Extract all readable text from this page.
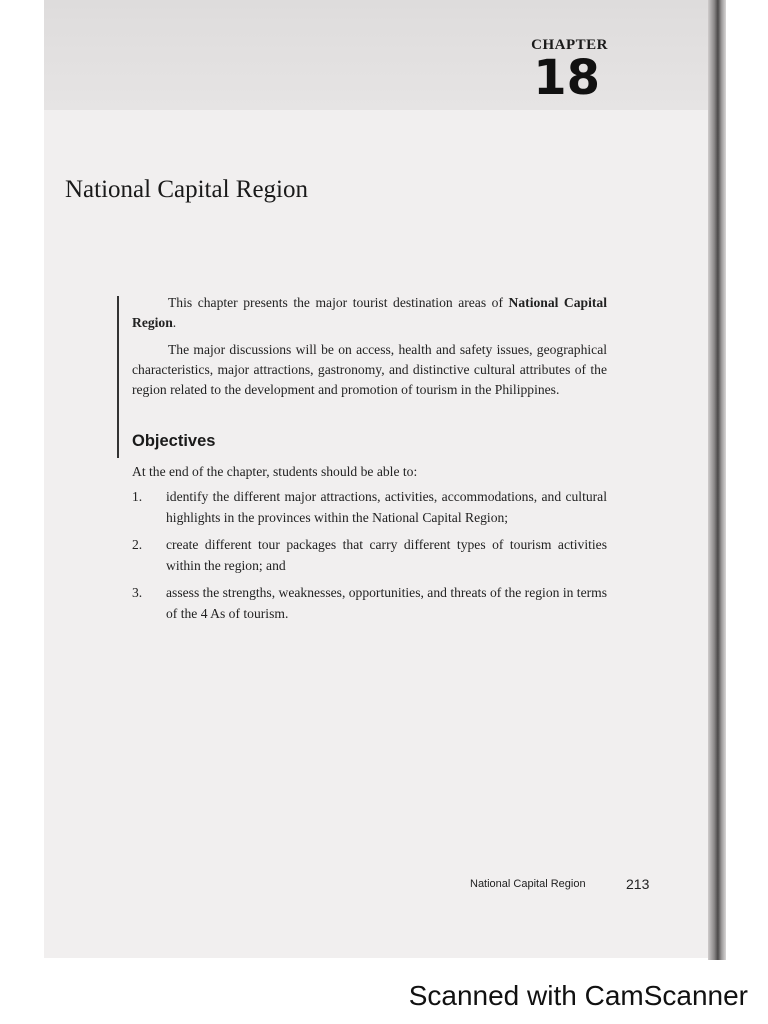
CHAPTER
18
National Capital Region
This chapter presents the major tourist destination areas of National Capital Region.
The major discussions will be on access, health and safety issues, geographical characteristics, major attractions, gastronomy, and distinctive cultural attributes of the region related to the development and promotion of tourism in the Philippines.
Objectives
At the end of the chapter, students should be able to:
1. identify the different major attractions, activities, accommodations, and cultural highlights in the provinces within the National Capital Region;
2. create different tour packages that carry different types of tourism activities within the region; and
3. assess the strengths, weaknesses, opportunities, and threats of the region in terms of the 4 As of tourism.
National Capital Region	213
Scanned with CamScanner
